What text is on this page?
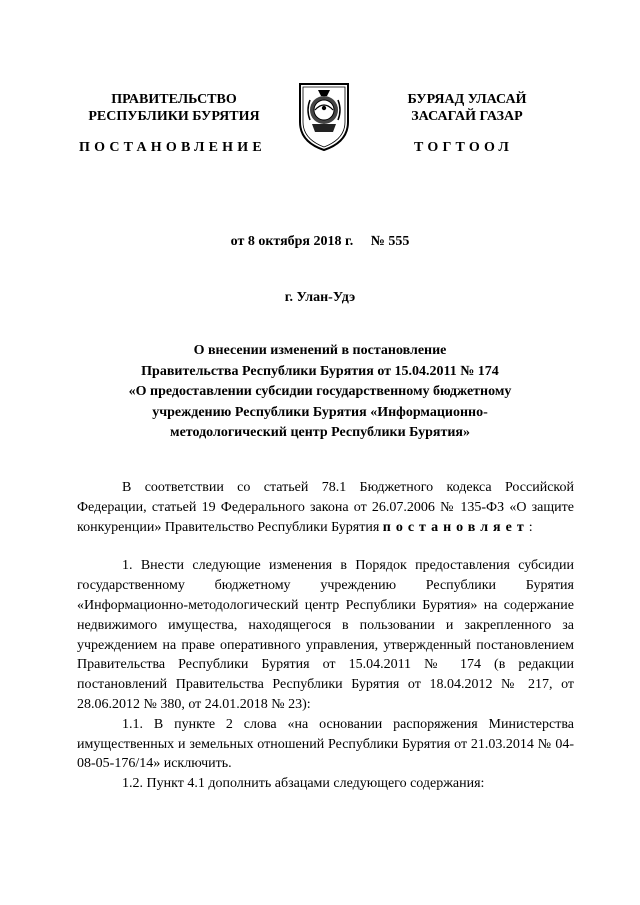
ПРАВИТЕЛЬСТВО
РЕСПУБЛИКИ БУРЯТИЯ
БУРЯАД УЛАСАЙ
ЗАСАГАЙ ГАЗАР
ПОСТАНОВЛЕНИЕ	ТОГТООЛ
от 8 октября 2018 г.     № 555
г. Улан-Удэ
О внесении изменений в постановление
Правительства Республики Бурятия от 15.04.2011 № 174
«О предоставлении субсидии государственному бюджетному
учреждению Республики Бурятия «Информационно-
методологический центр Республики Бурятия»

В соответствии со статьей 78.1 Бюджетного кодекса Российской Федерации, статьей 19 Федерального закона от 26.07.2006 № 135-ФЗ «О защите конкуренции» Правительство Республики Бурятия постановляет:

1. Внести следующие изменения в Порядок предоставления субсидии государственному бюджетному учреждению Республики Бурятия «Информационно-методологический центр Республики Бурятия» на содержание недвижимого имущества, находящегося в пользовании и закрепленного за учреждением на праве оперативного управления, утвержденный постановлением Правительства Республики Бурятия от 15.04.2011 № 174 (в редакции постановлений Правительства Республики Бурятия от 18.04.2012 № 217, от 28.06.2012 № 380, от 24.01.2018 № 23):

1.1. В пункте 2 слова «на основании распоряжения Министерства имущественных и земельных отношений Республики Бурятия от 21.03.2014 № 04-08-05-176/14» исключить.

1.2. Пункт 4.1 дополнить абзацами следующего содержания:
